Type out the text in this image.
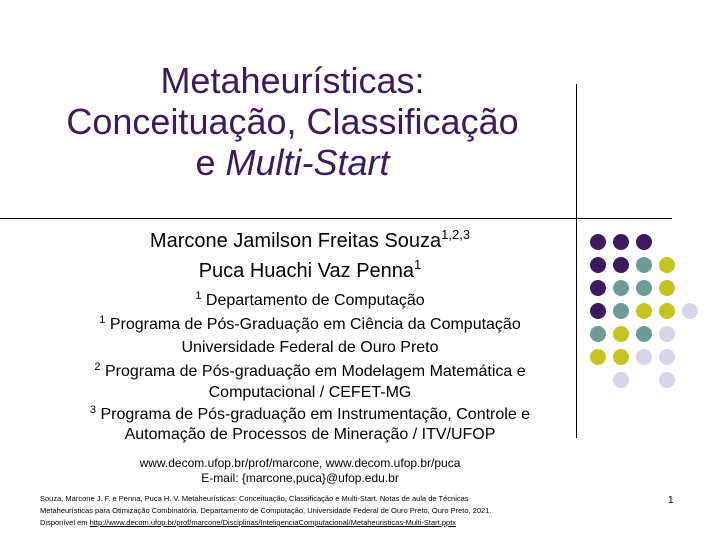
Metaheurísticas:
Conceituação, Classificação
e Multi-Start
Marcone Jamilson Freitas Souza$^{1,2,3}$
Puca Huachi Vaz Penna$^1$
$^1$ Departamento de Computação
$^1$ Programa de Pós-Graduação em Ciência da Computação
Universidade Federal de Ouro Preto
$^2$ Programa de Pós-graduação em Modelagem Matemática e
Computacional / CEFET-MG
$^3$ Programa de Pós-graduação em Instrumentação, Controle e
Automação de Processos de Mineração / ITV/UFOP
www.decom.ufop.br/prof/marcone, www.decom.ufop.br/puca
E-mail: {marcone,puca}@ufop.edu.br
Souza, Marcone J. F. e Penna, Puca H. V. Metaheurísticas: Conceituação, Classificação e Multi-Start. Notas de aula de Técnicas
Metaheurísticas para Otimização Combinatória. Departamento de Computação, Universidade Federal de Ouro Preto, Ouro Preto, 2021.
Disponível em http://www.decom.ufop.br/prof/marcone/Disciplinas/InteligenciaComputacional/Metaheuristicas-Multi-Start.pptx
1
